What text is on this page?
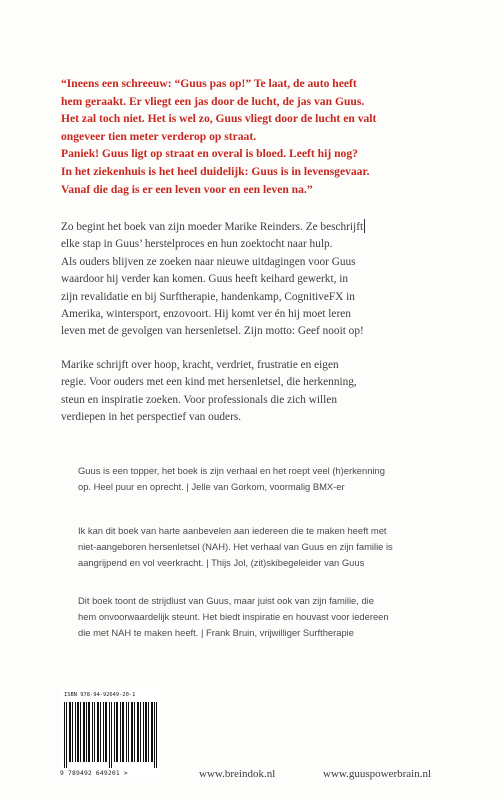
“Ineens een schreeuw: “Guus pas op!” Te laat, de auto heeft
hem geraakt. Er vliegt een jas door de lucht, de jas van Guus.
Het zal toch niet. Het is wel zo, Guus vliegt door de lucht en valt
ongeveer tien meter verderop op straat.
Paniek! Guus ligt op straat en overal is bloed. Leeft hij nog?
In het ziekenhuis is het heel duidelijk: Guus is in levensgevaar.
Vanaf die dag is er een leven voor en een leven na.”
Zo begint het boek van zijn moeder Marike Reinders. Ze beschrijft
elke stap in Guus’ herstelproces en hun zoektocht naar hulp.
Als ouders blijven ze zoeken naar nieuwe uitdagingen voor Guus
waardoor hij verder kan komen. Guus heeft keihard gewerkt, in
zijn revalidatie en bij Surftherapie, handenkamp, CognitiveFX in
Amerika, wintersport, enzovoort. Hij komt ver én hij moet leren
leven met de gevolgen van hersenletsel. Zijn motto: Geef nooit op!
Marike schrijft over hoop, kracht, verdriet, frustratie en eigen
regie. Voor ouders met een kind met hersenletsel, die herkenning,
steun en inspiratie zoeken. Voor professionals die zich willen
verdiepen in het perspectief van ouders.
Guus is een topper, het boek is zijn verhaal en het roept veel (h)erkenning
op. Heel puur en oprecht. | Jelle van Gorkom, voormalig BMX-er
Ik kan dit boek van harte aanbevelen aan iedereen die te maken heeft met
niet-aangeboren hersenletsel (NAH). Het verhaal van Guus en zijn familie is
aangrijpend en vol veerkracht. | Thijs Jol, (zit)skibegeleider van Guus
Dit boek toont de strijdlust van Guus, maar juist ook van zijn familie, die
hem onvoorwaardelijk steunt. Het biedt inspiratie en houvast voor iedereen
die met NAH te maken heeft. | Frank Bruin, vrijwilliger Surftherapie
ISBN 978-94-92649-20-1
9 789492 649201 >	www.breindok.nl	www.guuspowerbrain.nl
